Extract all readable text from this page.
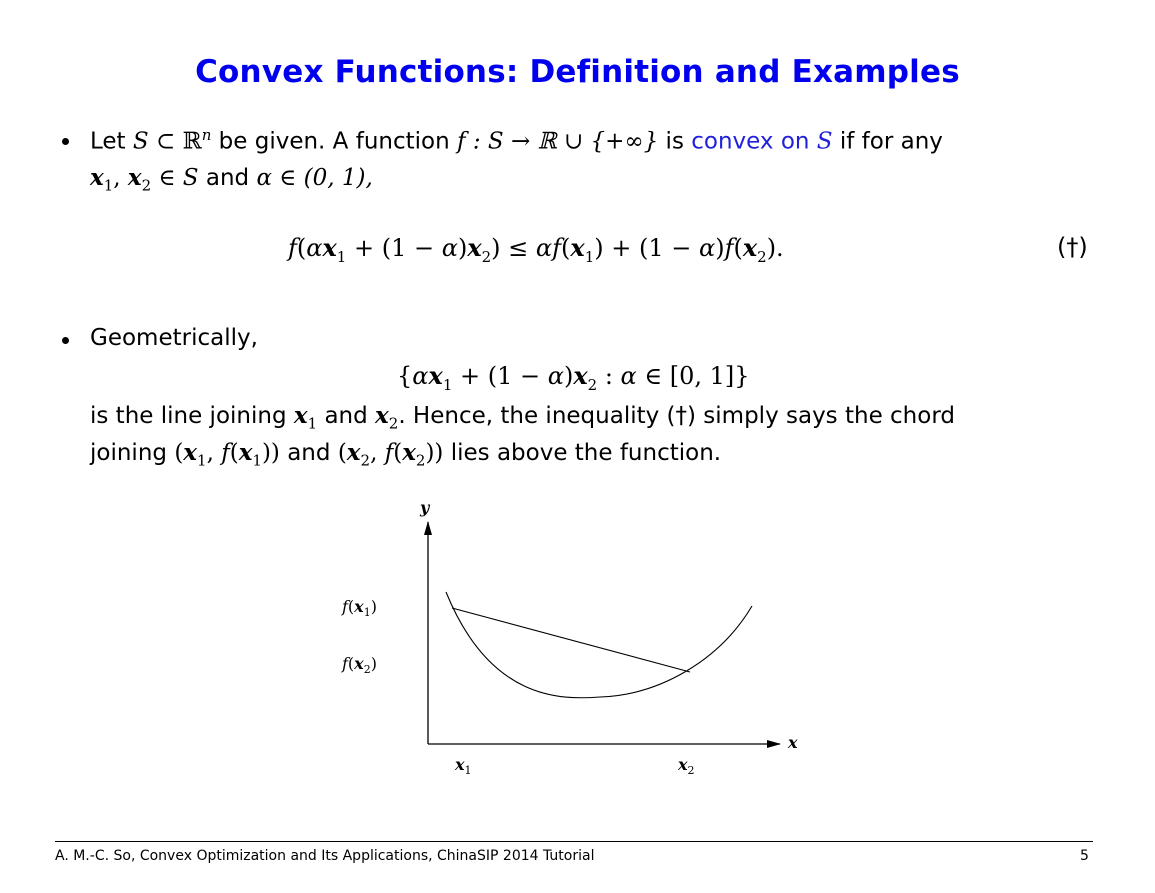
Convex Functions: Definition and Examples
Let S ⊂ ℝ$^n$ be given. A function f : S → ℝ ∪ {+∞} is convex on S if for any
$x_1$, $x_2$ ∈ S and α ∈ (0, 1),
$f(\alpha x_1 + (1 - \alpha)x_2) \le \alpha f(x_1) + (1 - \alpha)f(x_2)$.	(†)
Geometrically,
{$\alpha x_1 + (1 - \alpha)x_2$ : α ∈ [0, 1]}
is the line joining $x_1$ and $x_2$. Hence, the inequality (†) simply says the chord
joining ($x_1$, $f(x_1)$) and ($x_2$, $f(x_2)$) lies above the function.
y
x
$f(x_1)$
$f(x_2)$
$x_1$	$x_2$
A. M.-C. So, Convex Optimization and Its Applications, ChinaSIP 2014 Tutorial	5
